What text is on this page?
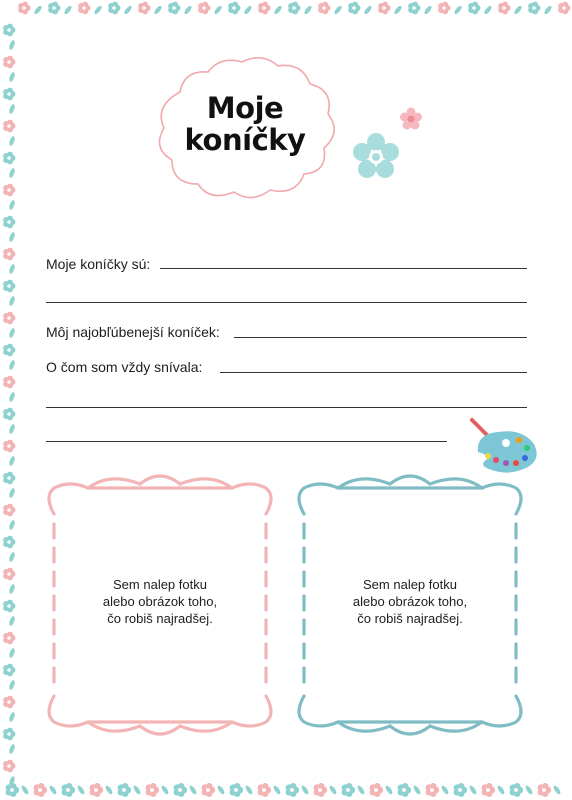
Moje
koníčky
Moje koníčky sú:
Môj najobľúbenejší koníček:
O čom som vždy snívala:
Sem nalep fotku
alebo obrázok toho,
čo robiš najradšej.
Sem nalep fotku
alebo obrázok toho,
čo robiš najradšej.
